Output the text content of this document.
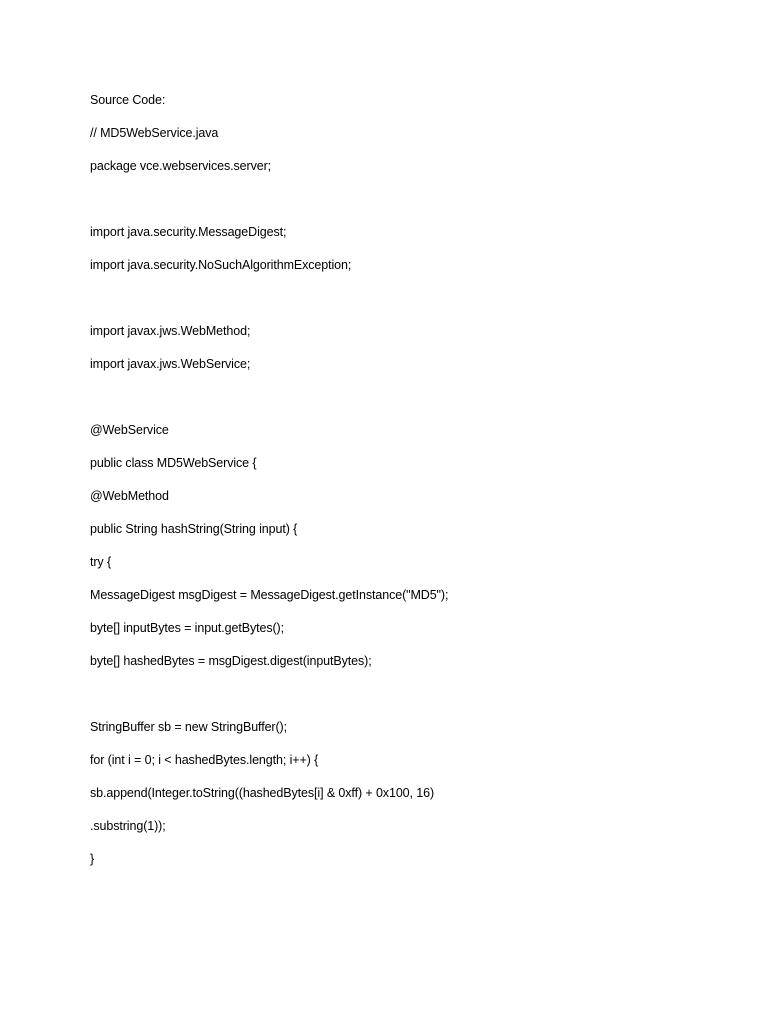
Source Code:
// MD5WebService.java
package vce.webservices.server;
import java.security.MessageDigest;
import java.security.NoSuchAlgorithmException;
import javax.jws.WebMethod;
import javax.jws.WebService;
@WebService
public class MD5WebService {
@WebMethod
public String hashString(String input) {
try {
MessageDigest msgDigest = MessageDigest.getInstance("MD5");
byte[] inputBytes = input.getBytes();
byte[] hashedBytes = msgDigest.digest(inputBytes);
StringBuffer sb = new StringBuffer();
for (int i = 0; i < hashedBytes.length; i++) {
sb.append(Integer.toString((hashedBytes[i] & 0xff) + 0x100, 16)
.substring(1));
}
